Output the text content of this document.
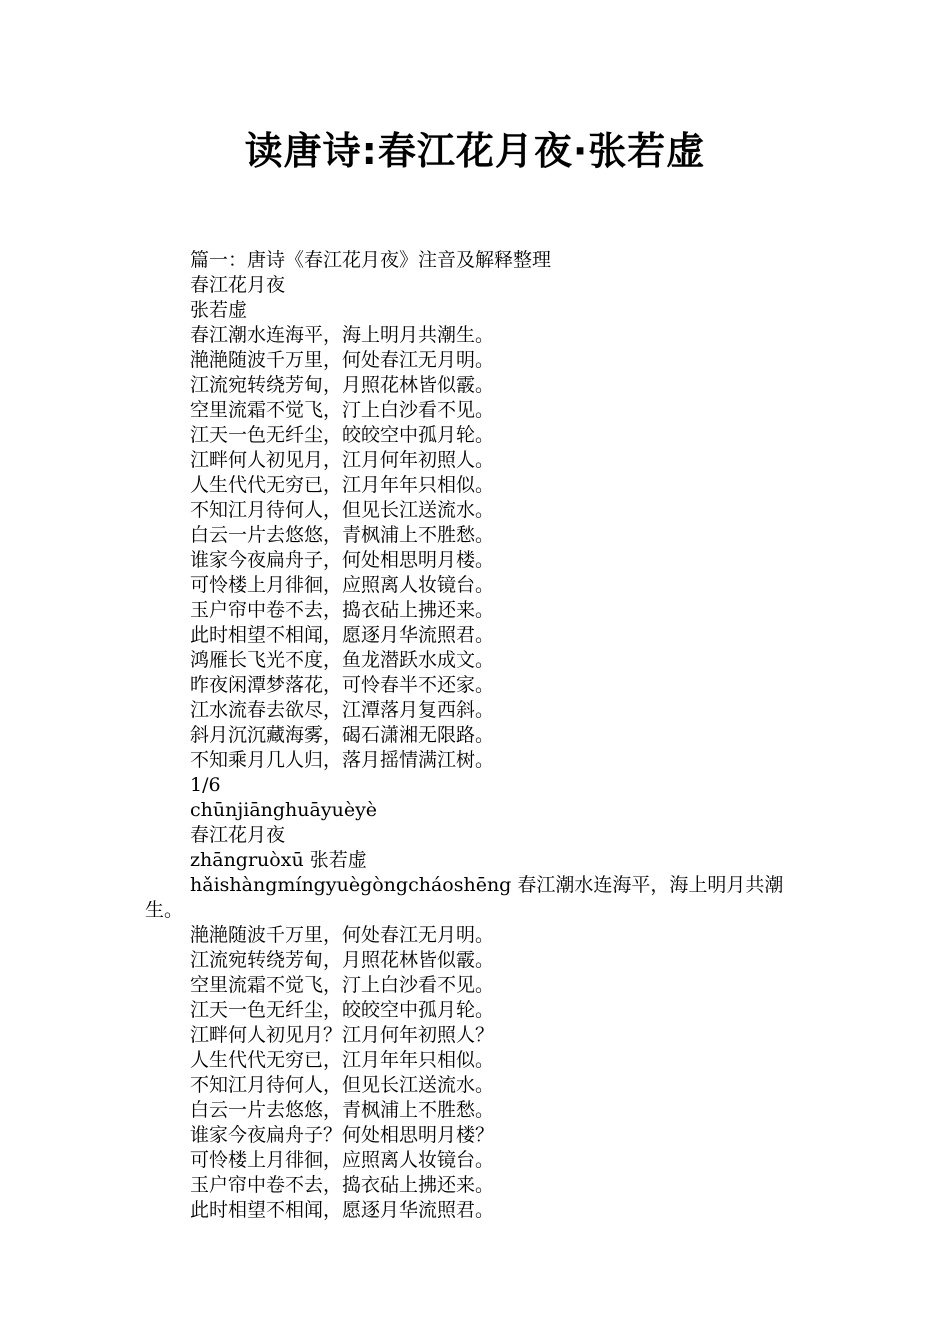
读唐诗:春江花月夜·张若虚
篇一：唐诗《春江花月夜》注音及解释整理
春江花月夜
张若虚
春江潮水连海平，海上明月共潮生。
滟滟随波千万里，何处春江无月明。
江流宛转绕芳甸，月照花林皆似霰。
空里流霜不觉飞，汀上白沙看不见。
江天一色无纤尘，皎皎空中孤月轮。
江畔何人初见月，江月何年初照人。
人生代代无穷已，江月年年只相似。
不知江月待何人，但见长江送流水。
白云一片去悠悠，青枫浦上不胜愁。
谁家今夜扁舟子，何处相思明月楼。
可怜楼上月徘徊，应照离人妆镜台。
玉户帘中卷不去，捣衣砧上拂还来。
此时相望不相闻，愿逐月华流照君。
鸿雁长飞光不度，鱼龙潜跃水成文。
昨夜闲潭梦落花，可怜春半不还家。
江水流春去欲尽，江潭落月复西斜。
斜月沉沉藏海雾，碣石潇湘无限路。
不知乘月几人归，落月摇情满江树。
1/6
chūnjiānghuāyuèyè
春江花月夜
zhāngruòxū 张若虚
hǎishàngmíngyuègòngcháoshēng 春江潮水连海平，海上明月共潮生。
滟滟随波千万里，何处春江无月明。
江流宛转绕芳甸，月照花林皆似霰。
空里流霜不觉飞，汀上白沙看不见。
江天一色无纤尘，皎皎空中孤月轮。
江畔何人初见月？江月何年初照人？
人生代代无穷已，江月年年只相似。
不知江月待何人，但见长江送流水。
白云一片去悠悠，青枫浦上不胜愁。
谁家今夜扁舟子？何处相思明月楼？
可怜楼上月徘徊，应照离人妆镜台。
玉户帘中卷不去，捣衣砧上拂还来。
此时相望不相闻，愿逐月华流照君。
